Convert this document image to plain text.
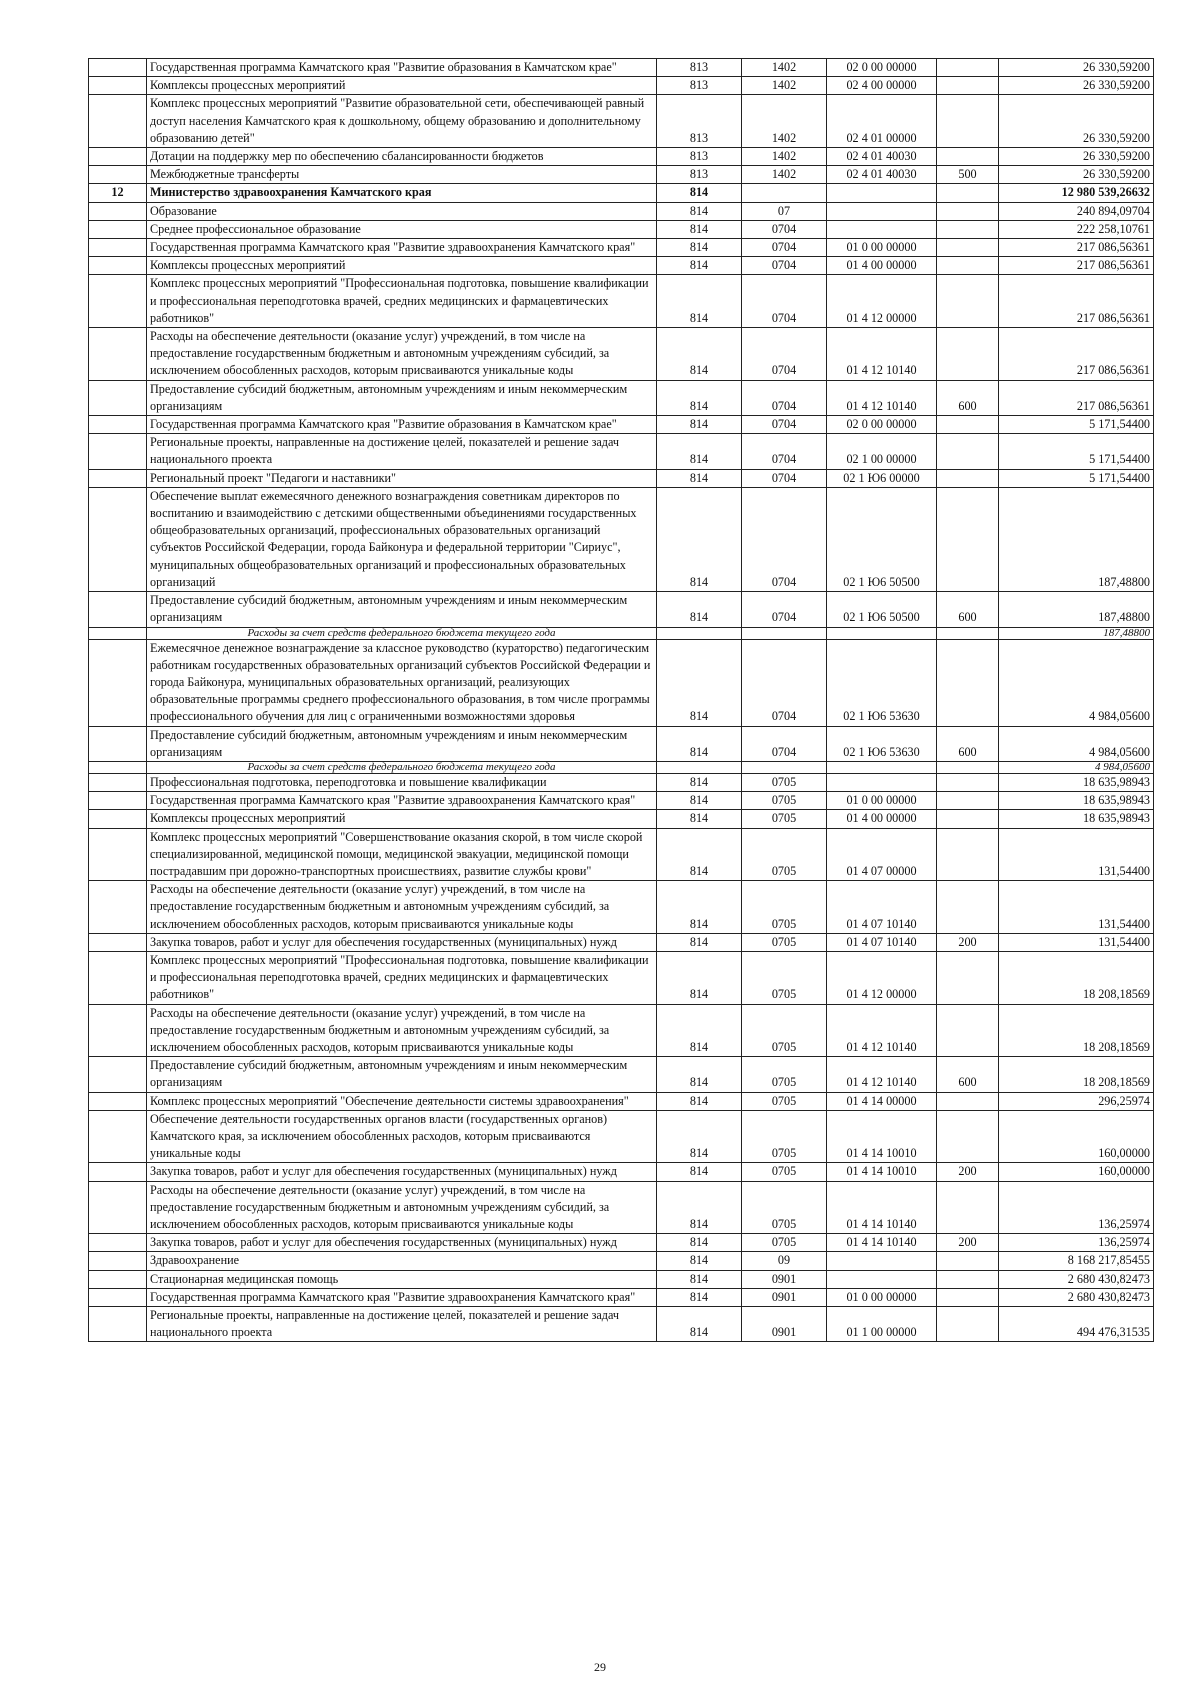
	Государственная программа Камчатского края "Развитие образования в Камчатском крае"	813	1402	02 0 00 00000		26 330,59200
	Комплексы процессных мероприятий	813	1402	02 4 00 00000		26 330,59200
	Комплекс процессных мероприятий "Развитие образовательной сети, обеспечивающей равный доступ населения Камчатского края к дошкольному, общему образованию и дополнительному образованию детей"	813	1402	02 4 01 00000		26 330,59200
	Дотации на поддержку мер по обеспечению сбалансированности бюджетов	813	1402	02 4 01 40030		26 330,59200
	Межбюджетные трансферты	813	1402	02 4 01 40030	500	26 330,59200
12	Министерство здравоохранения Камчатского края	814				12 980 539,26632
	Образование	814	07			240 894,09704
	Среднее профессиональное образование	814	0704			222 258,10761
	Государственная программа Камчатского края "Развитие здравоохранения Камчатского края"	814	0704	01 0 00 00000		217 086,56361
	Комплексы процессных мероприятий	814	0704	01 4 00 00000		217 086,56361
	Комплекс процессных мероприятий "Профессиональная подготовка, повышение квалификации и профессиональная переподготовка врачей, средних медицинских и фармацевтических работников"	814	0704	01 4 12 00000		217 086,56361
	Расходы на обеспечение деятельности (оказание услуг) учреждений, в том числе на предоставление государственным бюджетным и автономным учреждениям субсидий, за исключением обособленных расходов, которым присваиваются уникальные коды	814	0704	01 4 12 10140		217 086,56361
	Предоставление субсидий бюджетным, автономным учреждениям и иным некоммерческим организациям	814	0704	01 4 12 10140	600	217 086,56361
	Государственная программа Камчатского края "Развитие образования в Камчатском крае"	814	0704	02 0 00 00000		5 171,54400
	Региональные проекты, направленные на достижение целей, показателей и решение задач национального проекта	814	0704	02 1 00 00000		5 171,54400
	Региональный проект "Педагоги и наставники"	814	0704	02 1 Ю6 00000		5 171,54400
	Обеспечение выплат ежемесячного денежного вознаграждения советникам директоров по воспитанию и взаимодействию с детскими общественными объединениями государственных общеобразовательных организаций, профессиональных образовательных организаций субъектов Российской Федерации, города Байконура и федеральной территории "Сириус", муниципальных общеобразовательных организаций и профессиональных образовательных организаций	814	0704	02 1 Ю6 50500		187,48800
	Предоставление субсидий бюджетным, автономным учреждениям и иным некоммерческим организациям	814	0704	02 1 Ю6 50500	600	187,48800
	Расходы за счет средств федерального бюджета текущего года					187,48800
	Ежемесячное денежное вознаграждение за классное руководство (кураторство) педагогическим работникам государственных образовательных организаций субъектов Российской Федерации и города Байконура, муниципальных образовательных организаций, реализующих образовательные программы среднего профессионального образования, в том числе программы профессионального обучения для лиц с ограниченными возможностями здоровья	814	0704	02 1 Ю6 53630		4 984,05600
	Предоставление субсидий бюджетным, автономным учреждениям и иным некоммерческим организациям	814	0704	02 1 Ю6 53630	600	4 984,05600
	Расходы за счет средств федерального бюджета текущего года					4 984,05600
	Профессиональная подготовка, переподготовка и повышение квалификации	814	0705			18 635,98943
	Государственная программа Камчатского края "Развитие здравоохранения Камчатского края"	814	0705	01 0 00 00000		18 635,98943
	Комплексы процессных мероприятий	814	0705	01 4 00 00000		18 635,98943
	Комплекс процессных мероприятий "Совершенствование оказания скорой, в том числе скорой специализированной, медицинской помощи, медицинской эвакуации, медицинской помощи пострадавшим при дорожно-транспортных происшествиях, развитие службы крови"	814	0705	01 4 07 00000		131,54400
	Расходы на обеспечение деятельности (оказание услуг) учреждений, в том числе на предоставление государственным бюджетным и автономным учреждениям субсидий, за исключением обособленных расходов, которым присваиваются уникальные коды	814	0705	01 4 07 10140		131,54400
	Закупка товаров, работ и услуг для обеспечения государственных (муниципальных) нужд	814	0705	01 4 07 10140	200	131,54400
	Комплекс процессных мероприятий "Профессиональная подготовка, повышение квалификации и профессиональная переподготовка врачей, средних медицинских и фармацевтических работников"	814	0705	01 4 12 00000		18 208,18569
	Расходы на обеспечение деятельности (оказание услуг) учреждений, в том числе на предоставление государственным бюджетным и автономным учреждениям субсидий, за исключением обособленных расходов, которым присваиваются уникальные коды	814	0705	01 4 12 10140		18 208,18569
	Предоставление субсидий бюджетным, автономным учреждениям и иным некоммерческим организациям	814	0705	01 4 12 10140	600	18 208,18569
	Комплекс процессных мероприятий "Обеспечение деятельности системы здравоохранения"	814	0705	01 4 14 00000		296,25974
	Обеспечение деятельности государственных органов власти (государственных органов) Камчатского края, за исключением обособленных расходов, которым присваиваются уникальные коды	814	0705	01 4 14 10010		160,00000
	Закупка товаров, работ и услуг для обеспечения государственных (муниципальных) нужд	814	0705	01 4 14 10010	200	160,00000
	Расходы на обеспечение деятельности (оказание услуг) учреждений, в том числе на предоставление государственным бюджетным и автономным учреждениям субсидий, за исключением обособленных расходов, которым присваиваются уникальные коды	814	0705	01 4 14 10140		136,25974
	Закупка товаров, работ и услуг для обеспечения государственных (муниципальных) нужд	814	0705	01 4 14 10140	200	136,25974
	Здравоохранение	814	09			8 168 217,85455
	Стационарная медицинская помощь	814	0901			2 680 430,82473
	Государственная программа Камчатского края "Развитие здравоохранения Камчатского края"	814	0901	01 0 00 00000		2 680 430,82473
	Региональные проекты, направленные на достижение целей, показателей и решение задач национального проекта	814	0901	01 1 00 00000		494 476,31535
29
